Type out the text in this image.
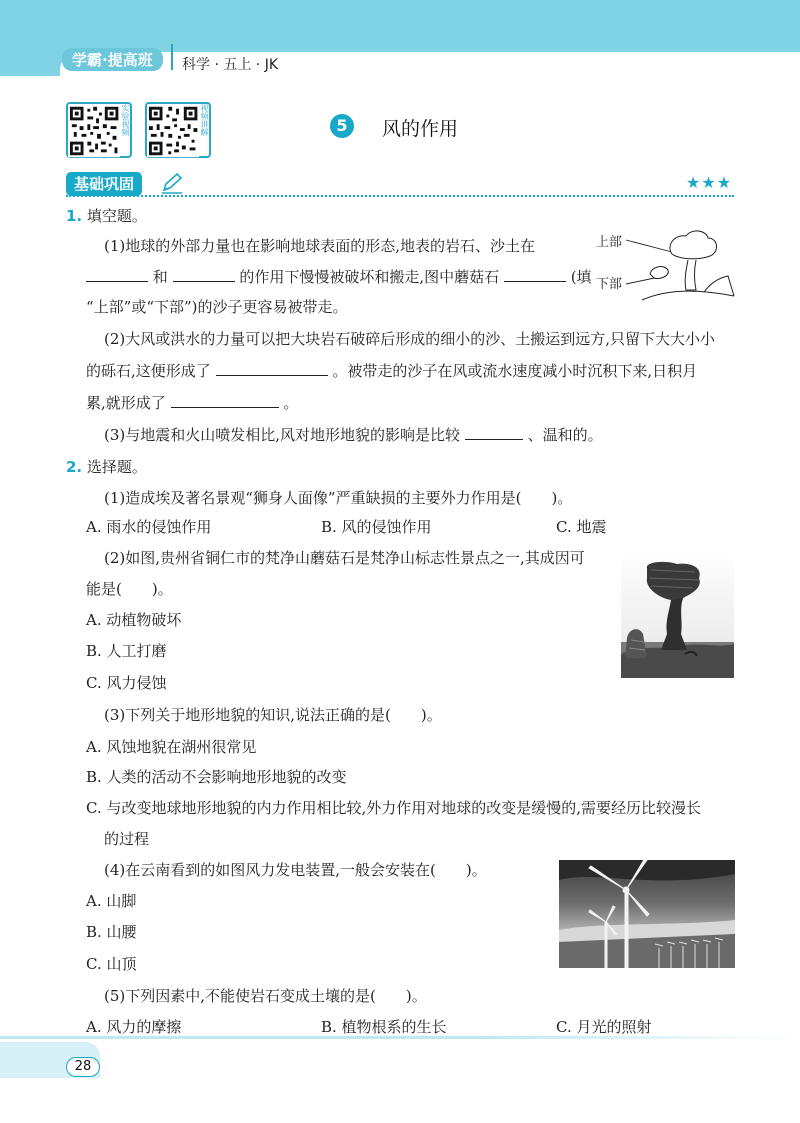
学霸·提高班	科学 · 五上 · JK
实验视频	视频讲解	5	风的作用
基础巩固	★★★
1. 填空题。
(1)地球的外部力量也在影响地球表面的形态,地表的岩石、沙土在
和	的作用下慢慢被破坏和搬走,图中蘑菇石	(填
“上部”或“下部”)的沙子更容易被带走。
上部
下部
(2)大风或洪水的力量可以把大块岩石破碎后形成的细小的沙、土搬运到远方,只留下大大小小
的砾石,这便形成了	。被带走的沙子在风或流水速度减小时沉积下来,日积月
累,就形成了	。
(3)与地震和火山喷发相比,风对地形地貌的影响是比较	、温和的。
2. 选择题。
(1)造成埃及著名景观“狮身人面像”严重缺损的主要外力作用是(　　)。
A. 雨水的侵蚀作用	B. 风的侵蚀作用	C. 地震
(2)如图,贵州省铜仁市的梵净山蘑菇石是梵净山标志性景点之一,其成因可
能是(　　)。
A. 动植物破坏
B. 人工打磨
C. 风力侵蚀
(3)下列关于地形地貌的知识,说法正确的是(　　)。
A. 风蚀地貌在湖州很常见
B. 人类的活动不会影响地形地貌的改变
C. 与改变地球地形地貌的内力作用相比较,外力作用对地球的改变是缓慢的,需要经历比较漫长
的过程
(4)在云南看到的如图风力发电装置,一般会安装在(　　)。
A. 山脚
B. 山腰
C. 山顶
(5)下列因素中,不能使岩石变成土壤的是(　　)。
A. 风力的摩擦	B. 植物根系的生长	C. 月光的照射
28
